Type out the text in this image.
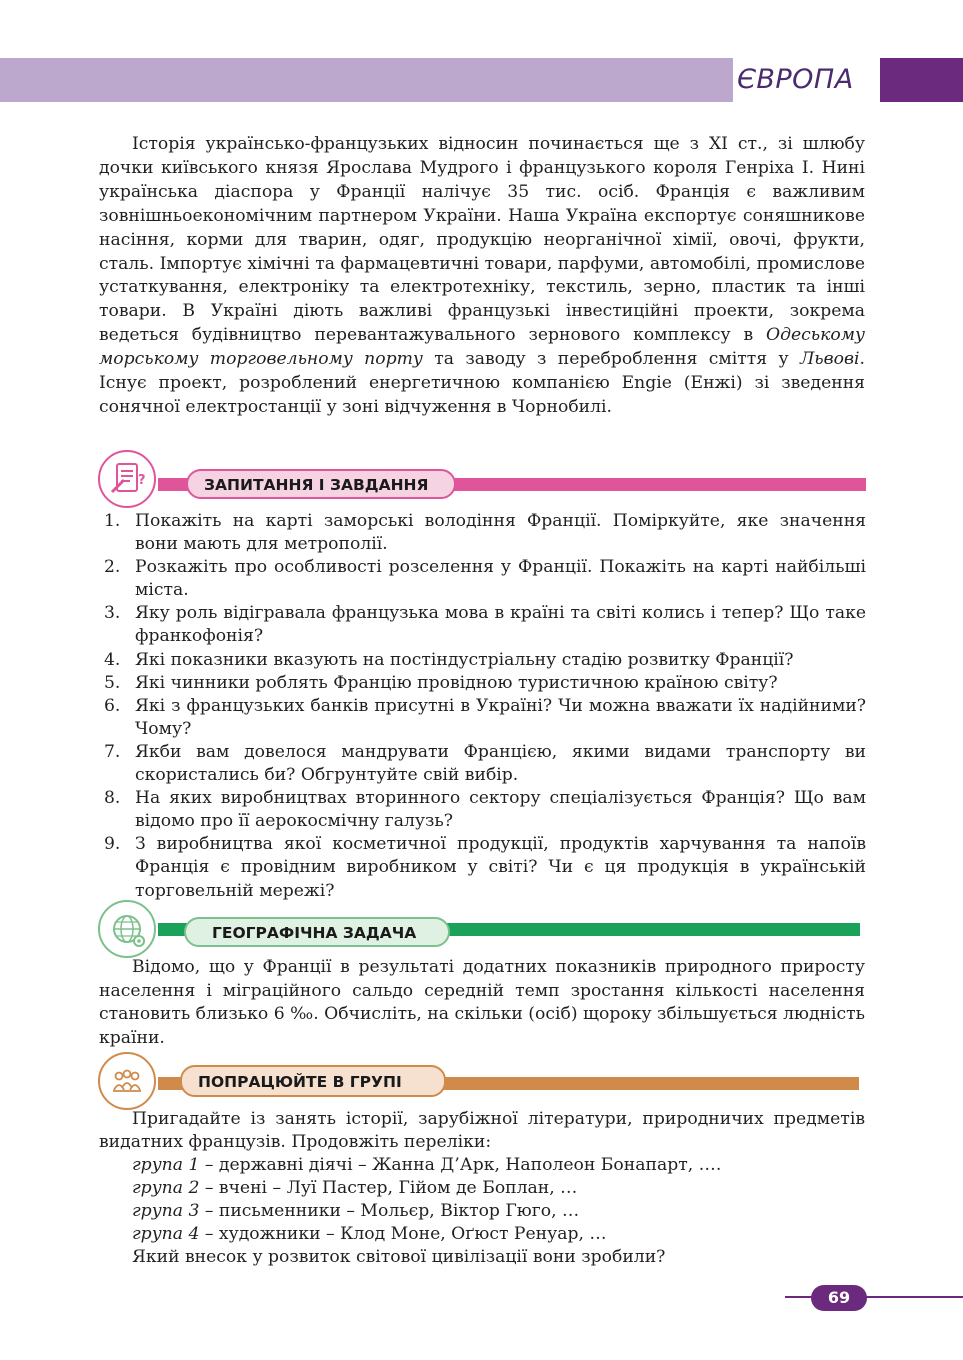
ЄВРОПА
Історія українсько-французьких відносин починається ще з XI ст., зі шлюбу дочки київського князя Ярослава Мудрого і французького короля Генріха I. Нині українська діаспора у Франції налічує 35 тис. осіб. Франція є важливим зовнішньоекономічним партнером України. Наша Україна експортує соняшникове насіння, корми для тварин, одяг, продукцію неорганічної хімії, овочі, фрукти, сталь. Імпортує хімічні та фармацевтичні товари, парфуми, автомобілі, промислове устаткування, електроніку та електротехніку, текстиль, зерно, пластик та інші товари. В Україні діють важливі французькі інвестиційні проекти, зокрема ведеться будівництво перевантажувального зернового комплексу в Одеському морському торговельному порту та заводу з переброблення сміття у Львові. Існує проект, розроблений енергетичною компанією Engie (Енжі) зі зведення сонячної електростанції у зоні відчуження в Чорнобилі.
ЗАПИТАННЯ І ЗАВДАННЯ
?
1. Покажіть на карті заморські володіння Франції. Поміркуйте, яке значення вони мають для метрополії.
2. Розкажіть про особливості розселення у Франції. Покажіть на карті найбільші міста.
3. Яку роль відігравала французька мова в країні та світі колись і тепер? Що таке франкофонія?
4. Які показники вказують на постіндустріальну стадію розвитку Франції?
5. Які чинники роблять Францію провідною туристичною країною світу?
6. Які з французьких банків присутні в Україні? Чи можна вважати їх надійними? Чому?
7. Якби вам довелося мандрувати Францією, якими видами транспорту ви скористались би? Обгрунтуйте свій вибір.
8. На яких виробництвах вторинного сектору спеціалізується Франція? Що вам відомо про її аерокосмічну галузь?
9. З виробництва якої косметичної продукції, продуктів харчування та напоїв Франція є провідним виробником у світі? Чи є ця продукція в українській торговельній мережі?
ГЕОГРАФІЧНА ЗАДАЧА
Відомо, що у Франції в результаті додатних показників природного приросту населення і міграційного сальдо середній темп зростання кількості населення становить близько 6 ‰. Обчисліть, на скільки (осіб) щороку збільшується людність країни.
ПОПРАЦЮЙТЕ В ГРУПІ
Пригадайте із занять історії, зарубіжної літератури, природничих предметів видатних французів. Продовжіть переліки:
група 1 – державні діячі – Жанна Д’Арк, Наполеон Бонапарт, ….
група 2 – вчені – Луї Пастер, Гійом де Боплан, …
група 3 – письменники – Мольєр, Віктор Гюго, …
група 4 – художники – Клод Моне, Оґюст Ренуар, …
Який внесок у розвиток світової цивілізації вони зробили?
69
